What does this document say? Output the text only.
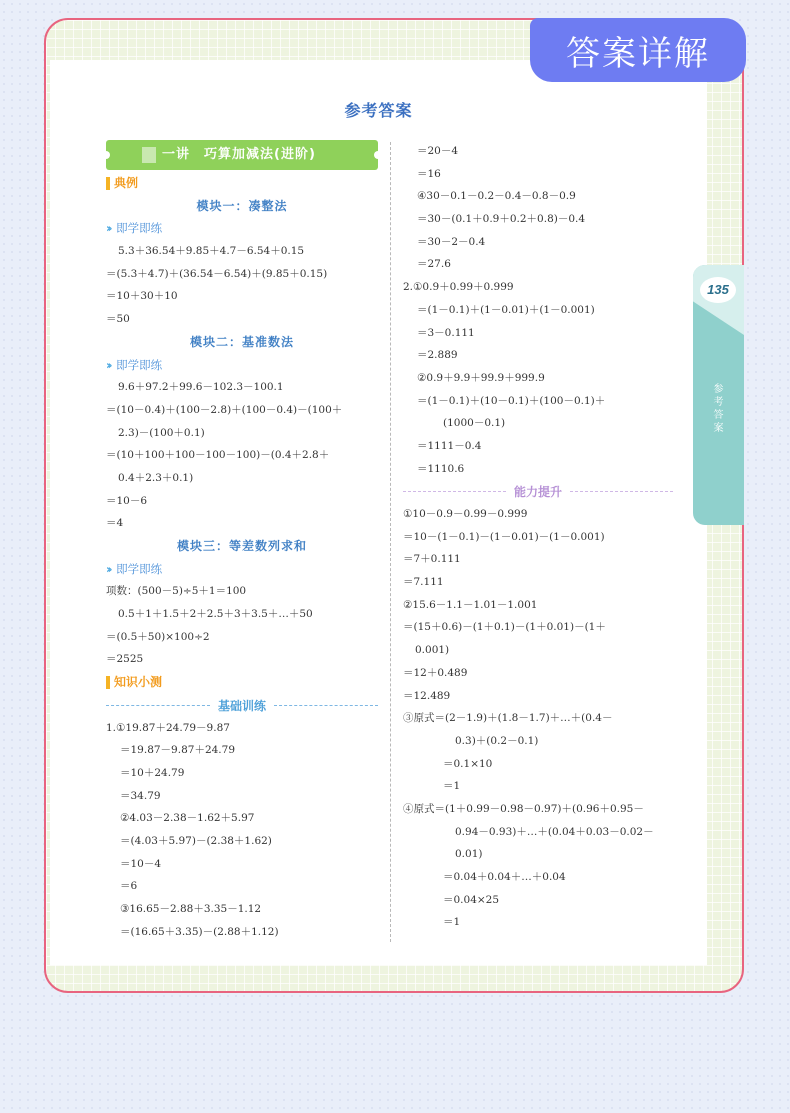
答案详解
135
参
考
答
案
参考答案
一讲　巧算加减法(进阶)
典例
模块一：凑整法
›› 即学即练
5.3＋36.54＋9.85＋4.7－6.54＋0.15
＝(5.3＋4.7)＋(36.54－6.54)＋(9.85＋0.15)
＝10＋30＋10
＝50
模块二：基准数法
›› 即学即练
9.6＋97.2＋99.6－102.3－100.1
＝(10－0.4)＋(100－2.8)＋(100－0.4)－(100＋
2.3)－(100＋0.1)
＝(10＋100＋100－100－100)－(0.4＋2.8＋
0.4＋2.3＋0.1)
＝10－6
＝4
模块三：等差数列求和
›› 即学即练
项数：(500－5)÷5＋1＝100
0.5＋1＋1.5＋2＋2.5＋3＋3.5＋…＋50
＝(0.5＋50)×100÷2
＝2525
知识小测
基础训练
1.①19.87＋24.79－9.87
＝19.87－9.87＋24.79
＝10＋24.79
＝34.79
②4.03－2.38－1.62＋5.97
＝(4.03＋5.97)－(2.38＋1.62)
＝10－4
＝6
③16.65－2.88＋3.35－1.12
＝(16.65＋3.35)－(2.88＋1.12)
＝20－4
＝16
④30－0.1－0.2－0.4－0.8－0.9
＝30－(0.1＋0.9＋0.2＋0.8)－0.4
＝30－2－0.4
＝27.6
2.①0.9＋0.99＋0.999
＝(1－0.1)＋(1－0.01)＋(1－0.001)
＝3－0.111
＝2.889
②0.9＋9.9＋99.9＋999.9
＝(1－0.1)＋(10－0.1)＋(100－0.1)＋
(1000－0.1)
＝1111－0.4
＝1110.6
能力提升
①10－0.9－0.99－0.999
＝10－(1－0.1)－(1－0.01)－(1－0.001)
＝7＋0.111
＝7.111
②15.6－1.1－1.01－1.001
＝(15＋0.6)－(1＋0.1)－(1＋0.01)－(1＋
0.001)
＝12＋0.489
＝12.489
③原式＝(2－1.9)＋(1.8－1.7)＋…＋(0.4－
0.3)＋(0.2－0.1)
＝0.1×10
＝1
④原式＝(1＋0.99－0.98－0.97)＋(0.96＋0.95－
0.94－0.93)＋…＋(0.04＋0.03－0.02－
0.01)
＝0.04＋0.04＋…＋0.04
＝0.04×25
＝1
